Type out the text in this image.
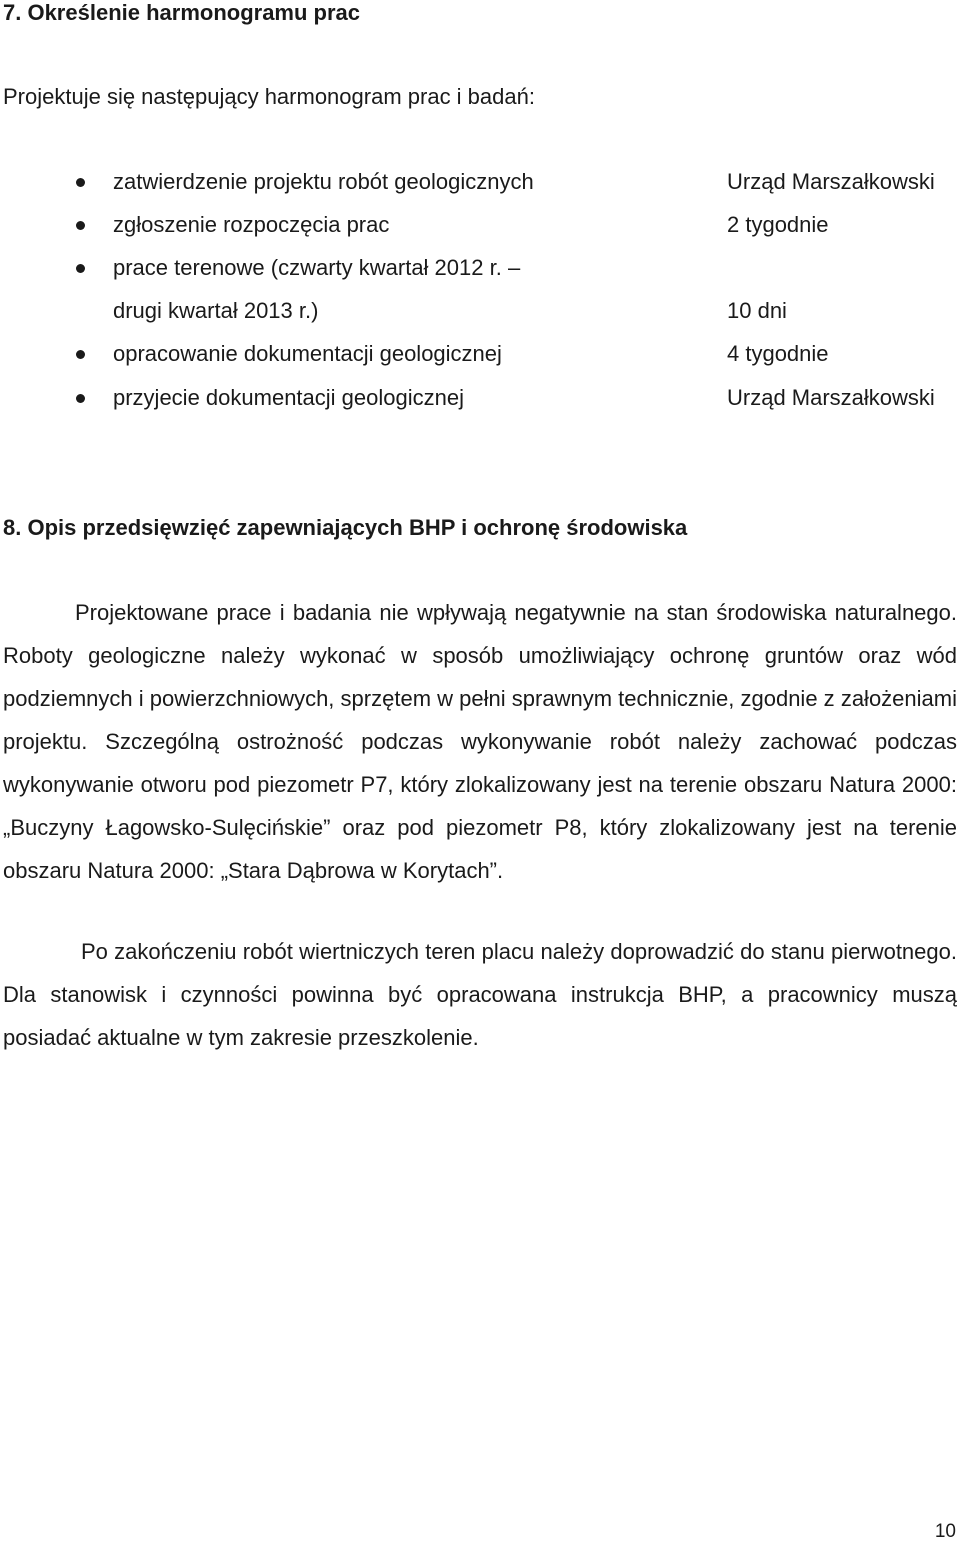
7. Określenie harmonogramu prac

Projektuje się następujący harmonogram prac i badań:

zatwierdzenie projektu robót geologicznych	Urząd Marszałkowski
zgłoszenie rozpoczęcia prac	2 tygodnie
prace terenowe (czwarty kwartał 2012 r. –
drugi kwartał 2013 r.)	10 dni
opracowanie dokumentacji geologicznej	4 tygodnie
przyjecie dokumentacji geologicznej	Urząd Marszałkowski
8. Opis przedsięwzięć zapewniających BHP i ochronę środowiska

Projektowane prace i badania nie wpływają negatywnie na stan środowiska naturalnego. Roboty geologiczne należy wykonać w sposób umożliwiający ochronę gruntów oraz wód podziemnych i powierzchniowych, sprzętem w pełni sprawnym technicznie, zgodnie z założeniami projektu. Szczególną ostrożność podczas wykonywanie robót należy zachować podczas wykonywanie otworu pod piezometr P7, który zlokalizowany jest na terenie obszaru Natura 2000: „Buczyny Łagowsko-Sulęcińskie” oraz pod piezometr P8, który zlokalizowany jest na terenie obszaru Natura 2000: „Stara Dąbrowa w Korytach”.

Po zakończeniu robót wiertniczych teren placu należy doprowadzić do stanu pierwotnego. Dla stanowisk i czynności powinna być opracowana instrukcja BHP, a pracownicy muszą posiadać aktualne w tym zakresie przeszkolenie.

10
